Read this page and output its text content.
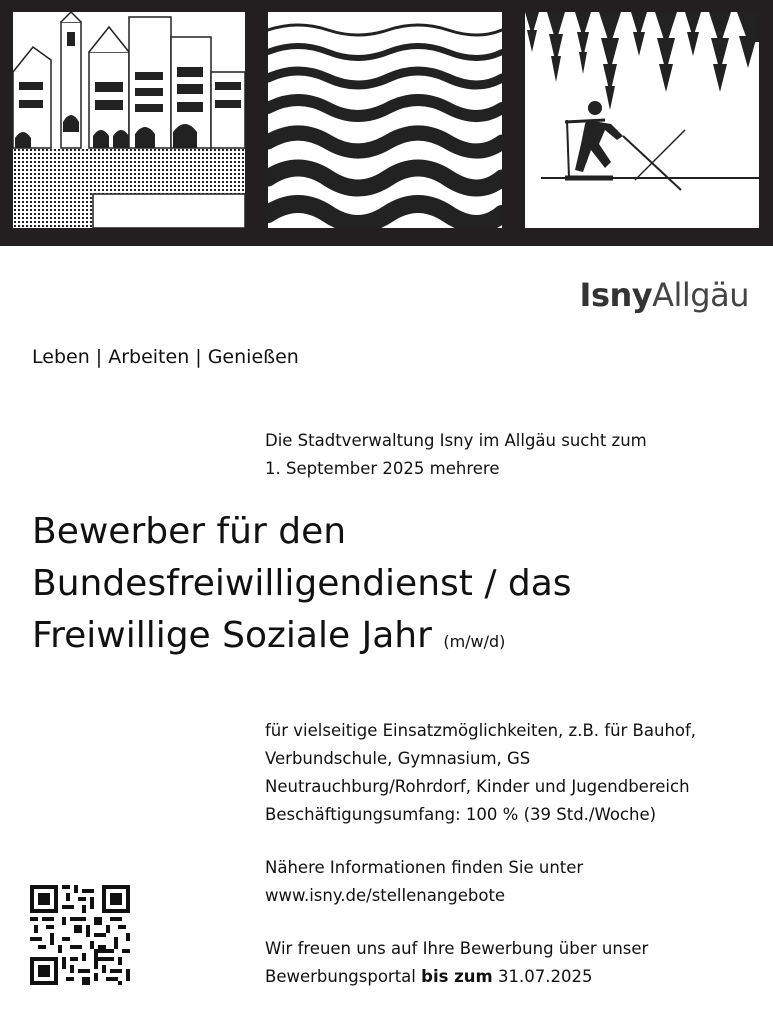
IsnyAllgäu
Leben | Arbeiten | Genießen
Die Stadtverwaltung Isny im Allgäu sucht zum
1. September 2025 mehrere
Bewerber für den
Bundesfreiwilligendienst / das
Freiwillige Soziale Jahr (m/w/d)
für vielseitige Einsatzmöglichkeiten, z.B. für Bauhof,
Verbundschule, Gymnasium, GS
Neutrauchburg/Rohrdorf, Kinder und Jugendbereich
Beschäftigungsumfang: 100 % (39 Std./Woche)
Nähere Informationen finden Sie unter
www.isny.de/stellenangebote
Wir freuen uns auf Ihre Bewerbung über unser
Bewerbungsportal bis zum 31.07.2025
